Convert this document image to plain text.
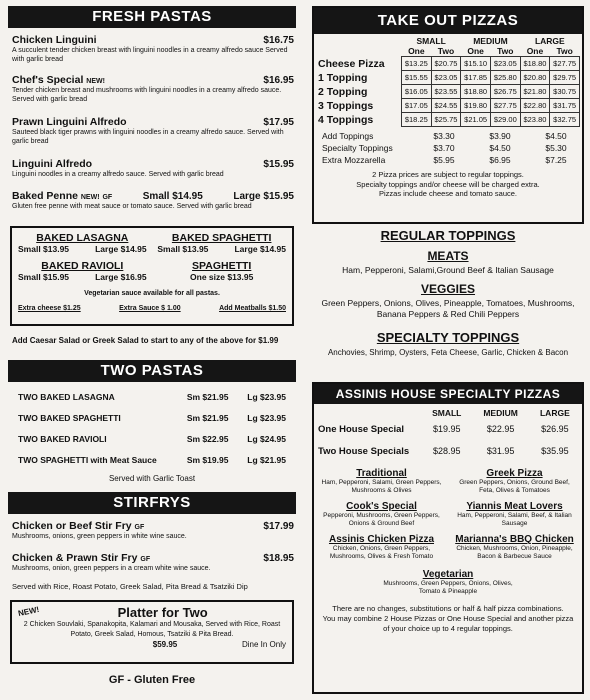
FRESH PASTAS
Chicken Linguini	$16.75
A succulent tender chicken breast with linguini noodles in a creamy alfredo sauce Served with garlic bread
Chef's Special NEW!	$16.95
Tender chicken breast and mushrooms with linguini noodles in a creamy alfredo sauce. Served with garlic bread
Prawn Linguini Alfredo	$17.95
Sauteed black tiger prawns with linguini noodles in a creamy alfredo sauce. Served with garlic bread
Linguini Alfredo	$15.95
Linguini noodles in a creamy alfredo sauce. Served with garlic bread
Baked Penne NEW! GF	Small $14.95	Large $15.95
Gluten free penne with meat sauce or tomato sauce. Served with garlic bread
BAKED LASAGNA
Small $13.95	Large $14.95
BAKED SPAGHETTI
Small $13.95	Large $14.95
BAKED RAVIOLI
Small $15.95	Large $16.95
SPAGHETTI
One size $13.95
Vegetarian sauce available for all pastas.
Extra cheese $1.25	Extra Sauce $ 1.00	Add Meatballs $1.50
Add Caesar Salad or Greek Salad to start to any of the above for $1.99
TWO PASTAS
TWO BAKED LASAGNA	Sm $21.95 Lg $23.95
TWO BAKED SPAGHETTI	Sm $21.95 Lg $23.95
TWO BAKED RAVIOLI	Sm $22.95 Lg $24.95
TWO SPAGHETTI with Meat Sauce	Sm $19.95 Lg $21.95
Served with Garlic Toast
STIRFRYS
Chicken or Beef Stir Fry GF	$17.99
Mushrooms, onions, green peppers in white wine sauce.
Chicken & Prawn Stir Fry GF	$18.95
Mushrooms, onion, green peppers in a cream white wine sauce.
Served with Rice, Roast Potato, Greek Salad, Pita Bread & Tsatziki Dip
NEW!	Platter for Two
2 Chicken Souvlaki, Spanakopita, Kalamari and Mousaka, Served with Rice, Roast Potato, Greek Salad, Homous, Tsatziki & Pita Bread.
$59.95	Dine In Only
GF - Gluten Free
TAKE OUT PIZZAS
	SMALL		MEDIUM		LARGE	
	One	Two	One	Two	One	Two
Cheese Pizza	$13.25	$20.75	$15.10	$23.05	$18.80	$27.75
1 Topping	$15.55	$23.05	$17.85	$25.80	$20.80	$29.75
2 Topping	$16.05	$23.55	$18.80	$26.75	$21.80	$30.75
3 Toppings	$17.05	$24.55	$19.80	$27.75	$22.80	$31.75
4 Toppings	$18.25	$25.75	$21.05	$29.00	$23.80	$32.75
Add Toppings	$3.30	$3.90	$4.50
Specialty Toppings	$3.70	$4.50	$5.30
Extra Mozzarella	$5.95	$6.95	$7.25
2 Pizza prices are subject to regular toppings.
Specialty toppings and/or cheese will be charged extra.
Pizzas include cheese and tomato sauce.
REGULAR TOPPINGS
MEATS
Ham, Pepperoni, Salami,Ground Beef & Italian Sausage
VEGGIES
Green Peppers, Onions, Olives, Pineapple, Tomatoes, Mushrooms, Banana Peppers & Red Chili Peppers
SPECIALTY TOPPINGS
Anchovies, Shrimp, Oysters, Feta Cheese, Garlic, Chicken & Bacon
ASSINIS HOUSE SPECIALTY PIZZAS
	SMALL	MEDIUM	LARGE
One House Special	$19.95	$22.95	$26.95
Two House Specials	$28.95	$31.95	$35.95
Traditional
Ham, Pepperoni, Salami, Green Peppers, Mushrooms & Olives
Greek Pizza
Green Peppers, Onions, Ground Beef, Feta, Olives & Tomatoes
Cook's Special
Pepperoni, Mushrooms, Green Peppers, Onions & Ground Beef
Yiannis Meat Lovers
Ham, Pepperoni, Salami, Beef, & Italian Sausage
Assinis Chicken Pizza
Chicken, Onions, Green Peppers, Mushrooms, Olives & Fresh Tomato
Marianna's BBQ Chicken
Chicken, Mushrooms, Onion, Pineapple, Bacon & Barbecue Sauce
Vegetarian
Mushrooms, Green Peppers, Onions, Olives, Tomato & Pineapple
There are no changes, substitutions or half & half pizza combinations.
You may combine 2 House Pizzas or One House Special and another pizza of your choice up to 4 regular toppings.
